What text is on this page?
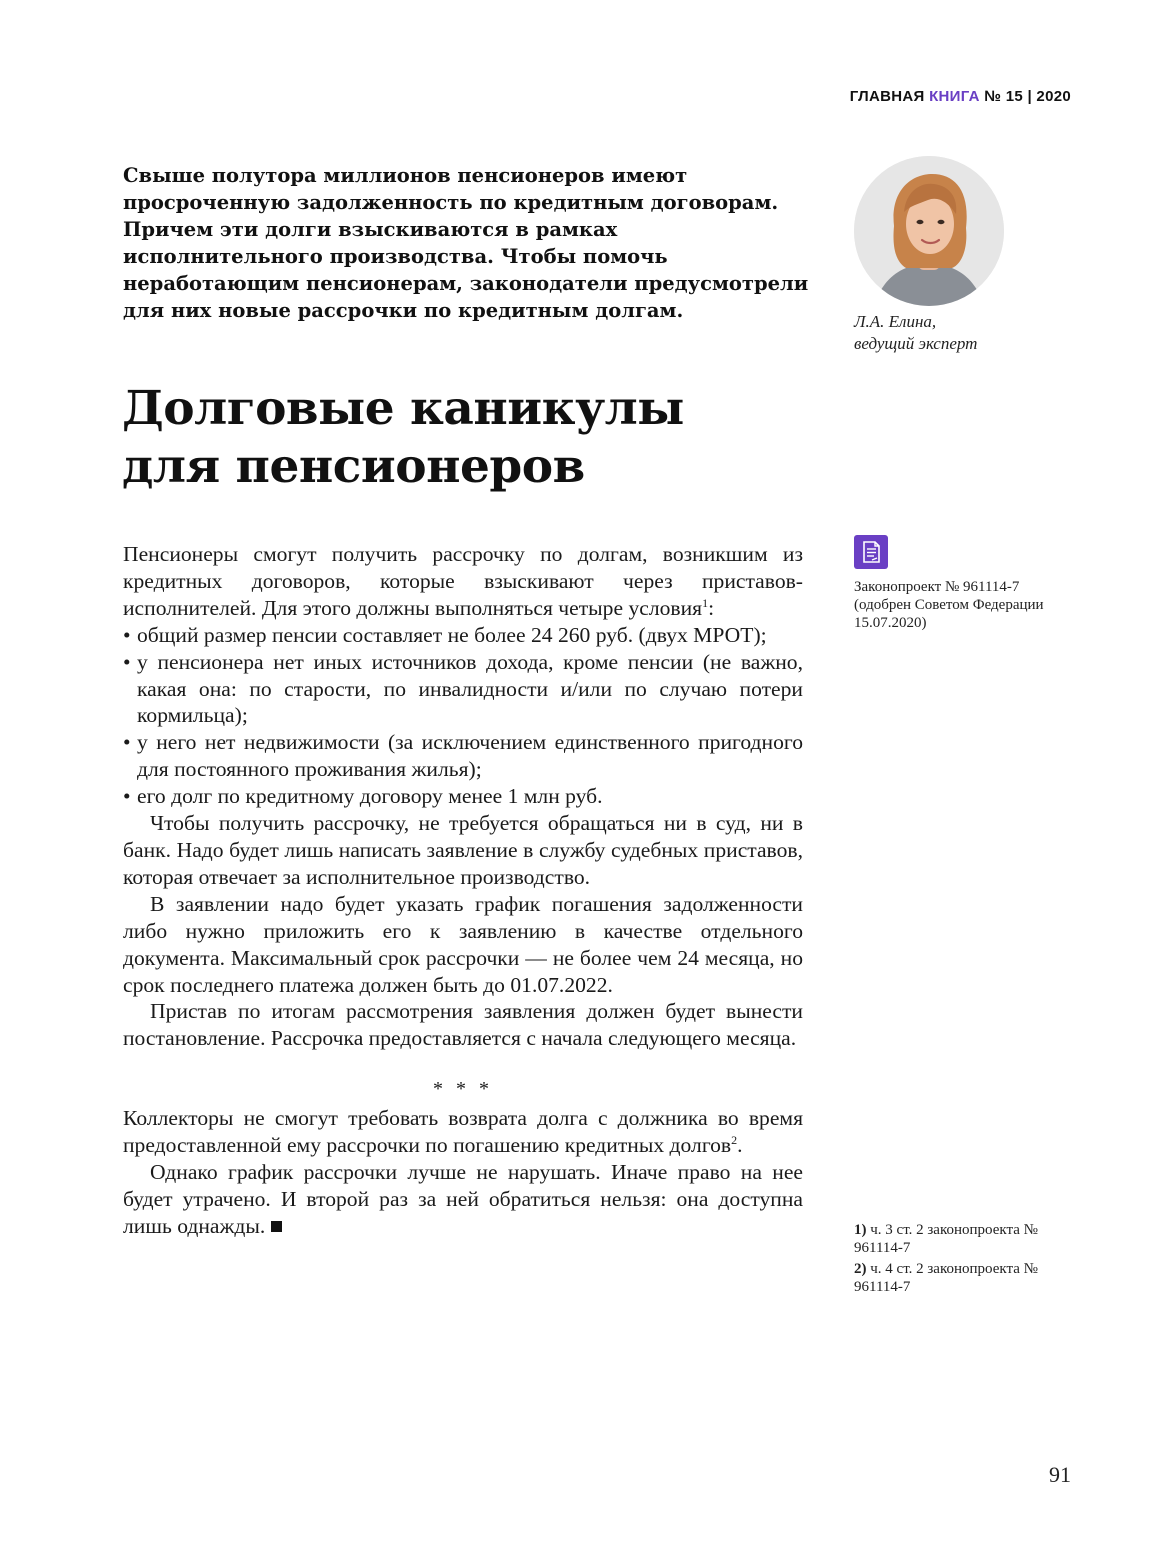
ГЛАВНАЯ КНИГА № 15 | 2020

Свыше полутора миллионов пенсионеров имеют просроченную задолженность по кредитным договорам. Причем эти долги взыскиваются в рамках исполнительного производства. Чтобы помочь неработающим пенсионерам, законодатели предусмотрели для них новые рассрочки по кредитным долгам.	Л.А. Елина,
ведущий эксперт
Долговые каникулы
для пенсионеров

Пенсионеры смогут получить рассрочку по долгам, возникшим из кредитных договоров, которые взыскивают через приставов-исполнителей. Для этого должны выполняться четыре условия$^1$:

• общий размер пенсии составляет не более 24 260 руб. (двух МРОТ);
• у пенсионера нет иных источников дохода, кроме пенсии (не важно, какая она: по старости, по инвалидности и/или по случаю потери кормильца);
• у него нет недвижимости (за исключением единственного пригодного для постоянного проживания жилья);
• его долг по кредитному договору менее 1 млн руб.

Чтобы получить рассрочку, не требуется обращаться ни в суд, ни в банк. Надо будет лишь написать заявление в службу судебных приставов, которая отвечает за исполнительное производство.

В заявлении надо будет указать график погашения задолженности либо нужно приложить его к заявлению в качестве отдельного документа. Максимальный срок рассрочки — не более чем 24 месяца, но срок последнего платежа должен быть до 01.07.2022.

Пристав по итогам рассмотрения заявления должен будет вынести постановление. Рассрочка предоставляется с начала следующего месяца.

* * *

Коллекторы не смогут требовать возврата долга с должника во время предоставленной ему рассрочки по погашению кредитных долгов$^2$.

Однако график рассрочки лучше не нарушать. Иначе право на нее будет утрачено. И второй раз за ней обратиться нельзя: она доступна лишь однажды.

Законопроект № 961114-7
(одобрен Советом Федерации
15.07.2020)
1) ч. 3 ст. 2 законопроекта № 961114-7
2) ч. 4 ст. 2 законопроекта № 961114-7
91
